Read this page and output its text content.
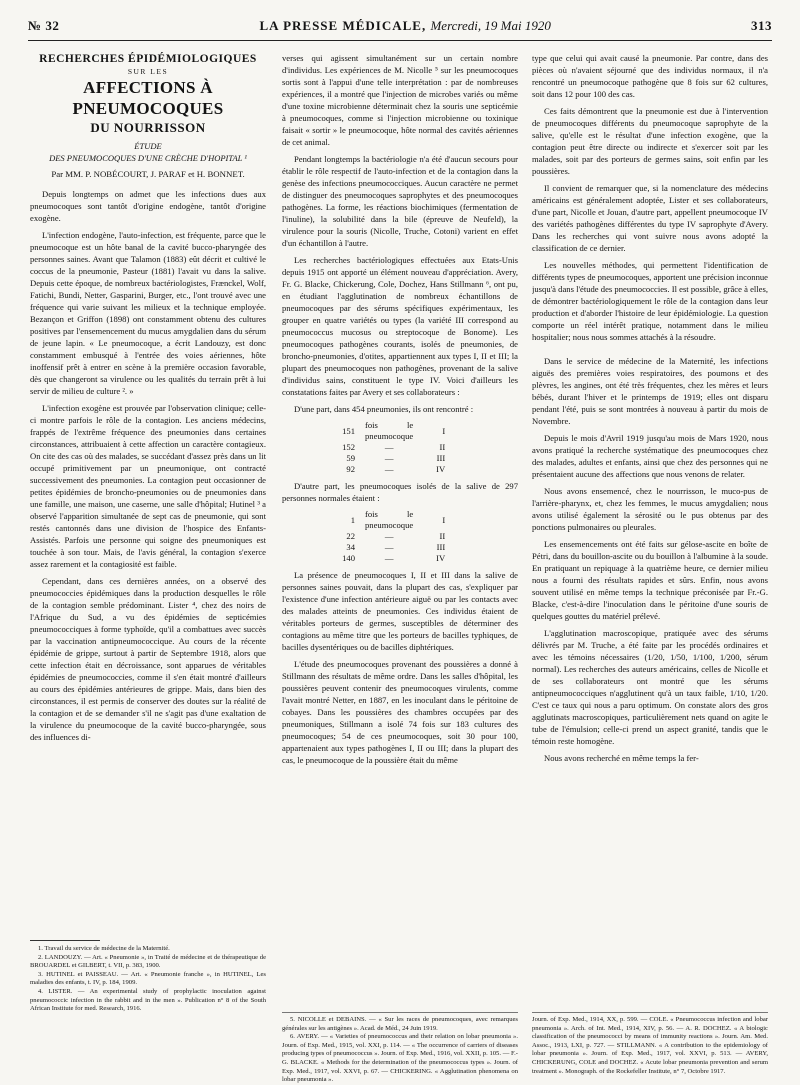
№ 32	LA PRESSE MÉDICALE, Mercredi, 19 Mai 1920	313
RECHERCHES ÉPIDÉMIOLOGIQUES
SUR LES
AFFECTIONS À PNEUMOCOQUES
DU NOURRISSON
ÉTUDE
DES PNEUMOCOQUES D'UNE CRÈCHE D'HOPITAL ¹
Par MM. P. NOBÉCOURT, J. PARAF et H. BONNET.

Depuis longtemps on admet que les infections dues aux pneumocoques sont tantôt d'origine endogène, tantôt d'origine exogène.

L'infection endogène, l'auto-infection, est fréquente, parce que le pneumocoque est un hôte banal de la cavité bucco-pharyngée des personnes saines. Avant que Talamon (1883) eût décrit et cultivé le coccus de la pneumonie, Pasteur (1881) l'avait vu dans la salive. Depuis cette époque, de nombreux bactériologistes, Frænckel, Wolf, Fatichi, Bundi, Netter, Gasparini, Burger, etc., l'ont trouvé avec une fréquence qui varie suivant les milieux et la technique employée. Bezançon et Griffon (1898) ont constamment obtenu des cultures positives par l'ensemencement du mucus amygdalien dans du sérum de jeune lapin. « Le pneumocoque, a écrit Landouzy, est donc constamment embusqué à l'entrée des voies aériennes, hôte inoffensif prêt à entrer en scène à la première occasion favorable, dès que changeront sa virulence ou les qualités du terrain prêt à lui servir de milieu de culture ². »

L'infection exogène est prouvée par l'observation clinique; celle-ci montre parfois le rôle de la contagion. Les anciens médecins, frappés de l'extrême fréquence des pneumonies dans certaines circonstances, attribuaient à cette affection un caractère contagieux. On cite des cas où des malades, se succédant d'assez près dans un lit occupé primitivement par un pneumonique, ont contracté successivement des pneumonies. La contagion peut occasionner de petites épidémies de broncho-pneumonies ou de pneumonies dans une famille, une maison, une caserne, une salle d'hôpital; Hutinel ³ a observé l'apparition simultanée de sept cas de pneumonie, qui sont restés cantonnés dans une division de l'hospice des Enfants-Assistés. Parfois une personne qui soigne des pneumoniques est touchée à son tour. Mais, de l'avis général, la contagion s'exerce assez rarement et la contagiosité est faible.

Cependant, dans ces dernières années, on a observé des pneumococcies épidémiques dans la production desquelles le rôle de la contagion semble prédominant. Lister ⁴, chez des noirs de l'Afrique du Sud, a vu des épidémies de septicémies pneumococciques à forme typhoïde, qu'il a combattues avec succès par la vaccination antipneumococcique. Au cours de la récente épidémie de grippe, surtout à partir de Septembre 1918, alors que cette infection était en décroissance, sont apparues de véritables épidémies de pneumococcies, comme il s'en était montré d'ailleurs au cours des épidémies antérieures de grippe. Mais, dans bien des circonstances, il est permis de conserver des doutes sur la réalité de la contagion et de se demander s'il ne s'agit pas d'une exaltation de la virulence du pneumocoque de la cavité bucco-pharyngée, sous des influences di-

verses qui agissent simultanément sur un certain nombre d'individus. Les expériences de M. Nicolle ⁵ sur les pneumocoques sortis sont à l'appui d'une telle interprétation : par de nombreuses expériences, il a montré que l'injection de microbes variés ou même d'une toxine microbienne déterminait chez la souris une septicémie à pneumocoques, comme si l'injection microbienne ou toxinique faisait « sortir » le pneumocoque, hôte normal des cavités aériennes de cet animal.

Pendant longtemps la bactériologie n'a été d'aucun secours pour établir le rôle respectif de l'auto-infection et de la contagion dans la genèse des infections pneumococciques. Aucun caractère ne permet de distinguer des pneumocoques saprophytes et des pneumocoques pathogènes. La forme, les réactions biochimiques (fermentation de l'inuline), la solubilité dans la bile (épreuve de Neufeld), la virulence pour la souris (Nicolle, Truche, Cotoni) varient en effet d'un échantillon à l'autre.

Les recherches bactériologiques effectuées aux Etats-Unis depuis 1915 ont apporté un élément nouveau d'appréciation. Avery, Fr. G. Blacke, Chickerung, Cole, Dochez, Hans Stillmann ⁶, ont pu, en étudiant l'agglutination de nombreux échantillons de pneumocoques par des sérums spécifiques expérimentaux, les grouper en quatre variétés ou types (la variété III correspond au pneumococcus mucosus ou streptocoque de Bonome). Les pneumocoques pathogènes courants, isolés de pneumonies, de broncho-pneumonies, d'otites, appartiennent aux types I, II et III; la plupart des pneumocoques non pathogènes, provenant de la salive d'individus sains, constituent le type IV. Voici d'ailleurs les constatations faites par Avery et ses collaborateurs :

D'une part, dans 454 pneumonies, ils ont rencontré :

151	fois le pneumocoque	I
152	—	II
59	—	III
92	—	IV

D'autre part, les pneumocoques isolés de la salive de 297 personnes normales étaient :

1	fois le pneumocoque	I
22	—	II
34	—	III
140	—	IV

La présence de pneumocoques I, II et III dans la salive de personnes saines pouvait, dans la plupart des cas, s'expliquer par l'existence d'une infection antérieure aiguë ou par les contacts avec des malades atteints de pneumonies. Ces individus étaient de véritables porteurs de germes, susceptibles de déterminer des contagions au même titre que les porteurs de bacilles typhiques, de bacilles dysentériques ou de bacilles diphtériques.

L'étude des pneumocoques provenant des poussières a donné à Stillmann des résultats de même ordre. Dans les salles d'hôpital, les poussières peuvent contenir des pneumocoques virulents, comme l'avait montré Netter, en 1887, en les inoculant dans le péritoine de cobayes. Dans les poussières des chambres occupées par des pneumoniques, Stillmann a isolé 74 fois sur 183 cultures des pneumocoques; 54 de ces pneumocoques, soit 30 pour 100, appartenaient aux types pathogènes I, II ou III; dans la plupart des cas, le pneumocoque de la poussière était du même

type que celui qui avait causé la pneumonie. Par contre, dans des pièces où n'avaient séjourné que des individus normaux, il n'a rencontré un pneumocoque pathogène que 8 fois sur 62 cultures, soit dans 12 pour 100 des cas.

Ces faits démontrent que la pneumonie est due à l'intervention de pneumocoques différents du pneumocoque saprophyte de la salive, qu'elle est le résultat d'une infection exogène, que la contagion peut être directe ou indirecte et s'exercer soit par les malades, soit par des porteurs de germes sains, soit enfin par les poussières.

Il convient de remarquer que, si la nomenclature des médecins américains est généralement adoptée, Lister et ses collaborateurs, d'une part, Nicolle et Jouan, d'autre part, appellent pneumocoque IV des variétés pathogènes différentes du type IV saprophyte d'Avery. Dans les recherches qui vont suivre nous avons adopté la classification de ce dernier.

Les nouvelles méthodes, qui permettent l'identification de différents types de pneumocoques, apportent une précision inconnue jusqu'à dans l'étude des pneumococcies. Il est possible, grâce à elles, de démontrer bactériologiquement le rôle de la contagion dans leur production et d'aborder l'histoire de leur épidémiologie. La question comporte un réel intérêt pratique, notamment dans le milieu hospitalier; nous nous sommes attachés à la résoudre.

Dans le service de médecine de la Maternité, les infections aiguës des premières voies respiratoires, des poumons et des plèvres, les angines, ont été très fréquentes, chez les mères et leurs bébés, durant l'hiver et le printemps de 1919; elles ont disparu pendant l'été, puis se sont montrées à nouveau à partir du mois de Novembre.

Depuis le mois d'Avril 1919 jusqu'au mois de Mars 1920, nous avons pratiqué la recherche systématique des pneumocoques chez des malades, adultes et enfants, ainsi que chez des personnes qui ne présentaient aucune des affections que nous venons de relater.

Nous avons ensemencé, chez le nourrisson, le muco-pus de l'arrière-pharynx, et, chez les femmes, le mucus amygdalien; nous avons utilisé également la sérosité ou le pus obtenus par des ponctions pulmonaires ou pleurales.

Les ensemencements ont été faits sur gélose-ascite en boîte de Pétri, dans du bouillon-ascite ou du bouillon à l'albumine à la soude. En pratiquant un repiquage à la quatrième heure, ce dernier milieu nous a fourni des résultats rapides et sûrs. Enfin, nous avons souvent utilisé en même temps la technique préconisée par Fr.-G. Blacke, c'est-à-dire l'inoculation dans le péritoine d'une souris de quelques gouttes du matériel prélevé.

L'agglutination macroscopique, pratiquée avec des sérums délivrés par M. Truche, a été faite par les procédés ordinaires et avec les témoins nécessaires (1/20, 1/50, 1/100, 1/200, sérum normal). Les recherches des auteurs américains, celles de Nicolle et de ses collaborateurs ont montré que les sérums antipneumococciques n'agglutinent qu'à un taux faible, 1/10, 1/20. C'est ce taux qui nous a paru optimum. On constate alors des gros agglutinats macroscopiques, particulièrement nets quand on agite le tube de l'émulsion; celle-ci prend un aspect granité, tandis que le témoin reste homogène.

Nous avons recherché en même temps la fer-

1. Travail du service de médecine de la Maternité.

2. LANDOUZY. — Art. « Pneumonie », in Traité de médecine et de thérapeutique de BROUARDEL et GILBERT, t. VII, p. 383, 1900.

3. HUTINEL et PAISSEAU. — Art. « Pneumonie franche », in HUTINEL, Les maladies des enfants, t. IV, p. 184, 1909.

4. LISTER. — An experimental study of prophylactic inoculation against pneumococcic infection in the rabbit and in the men ». Publication n° 8 of the South African Institute for med. Research, 1916.

5. NICOLLE et DEBAINS. — « Sur les races de pneumocoques, avec remarques générales sur les antigènes ». Acad. de Méd., 24 Juin 1919.

6. AVERY. — « Varieties of pneumococcus and their relation on lobar pneumonia ». Journ. of Exp. Med., 1915, vol. XXI, p. 114. — « The occurrence of carriers of diseases producing types of pneumococcus ». Journ. of Exp. Med., 1916, vol. XXII, p. 105. — F.-G. BLACKE. « Methods for the determination of the pneumococcus types ». Journ. of Exp. Med., 1917, vol. XXVI, p. 67. — CHICKERING. « Agglutination phenomena on lobar pneumonia ».

Journ. of Exp. Med., 1914, XX, p. 599. — COLE. « Pneumococcus infection and lobar pneumonia ». Arch. of Int. Med., 1914, XIV, p. 56. — A. R. DOCHEZ. « A biologic classification of the pneumococci by means of immunity reactions ». Journ. Am. Med. Assoc., 1913, LXI, p. 727. — STILLMANN. « A contribution to the epidemiology of lobar pneumonia ». Journ. of Exp. Med., 1917, vol. XXVI, p. 513. — AVERY, CHICKERUNG, COLE and DOCHEZ. « Acute lobar pneumonia prevention and serum treatment ». Monograph. of the Rockefeller Institute, n° 7, Octobre 1917.
